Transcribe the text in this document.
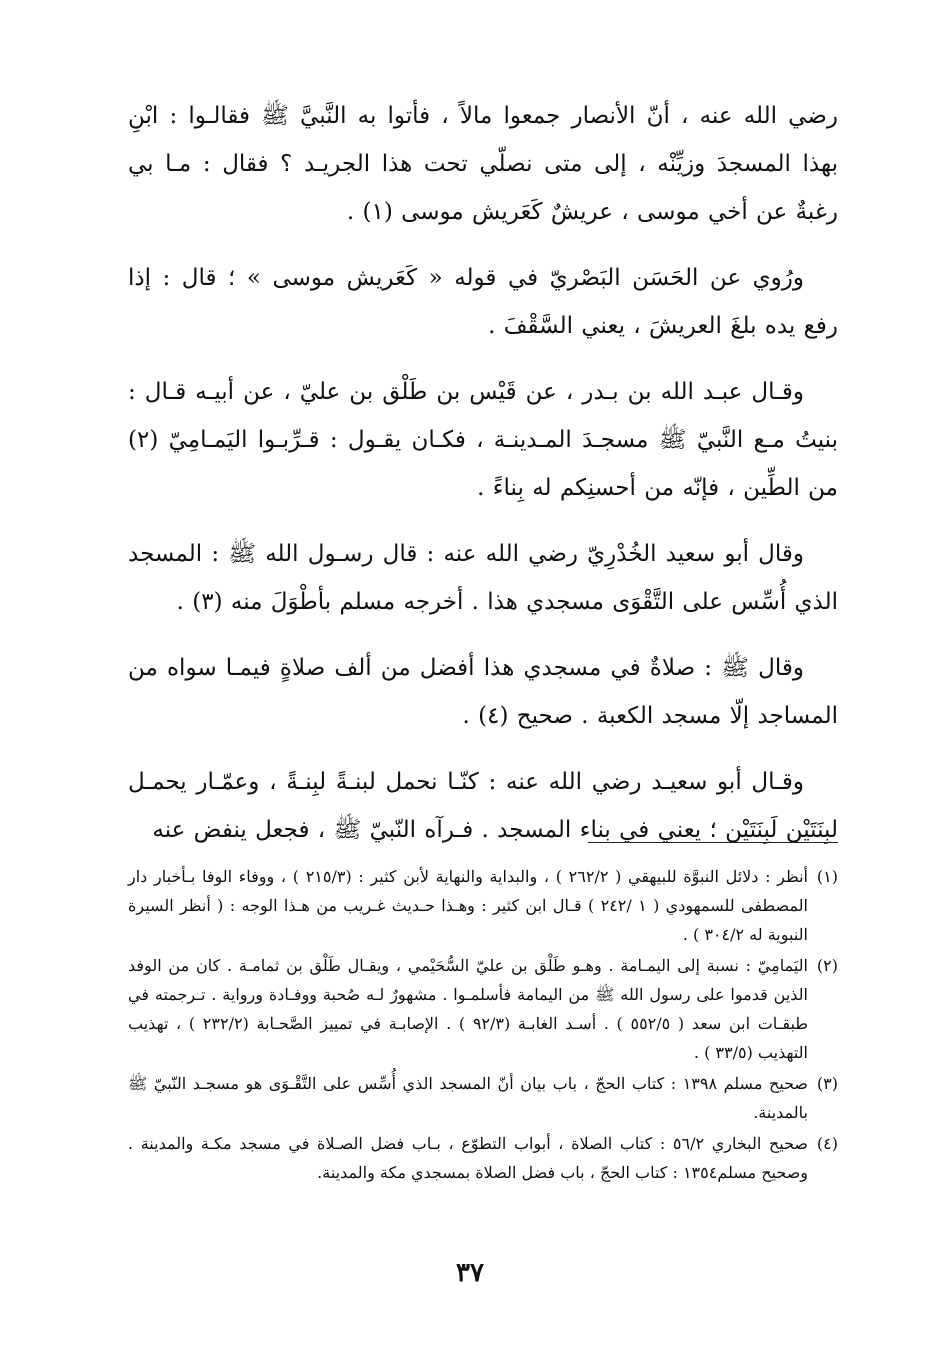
رضي الله عنه ، أنّ الأنصار جمعوا مالاً ، فأتوا به النَّبيَّ ﷺ فقالـوا : ابْنِ بهذا المسجدَ وزيِّنْه ، إلى متى نصلّي تحت هذا الجريـد ؟ فقال : مـا بي رغبةٌ عن أخي موسى ، عريشٌ كَعَريش موسى (١) .

ورُوي عن الحَسَن البَصْريّ في قوله « كَعَريش موسى » ؛ قال : إذا رفع يده بلغَ العريشَ ، يعني السَّقْفَ .

وقـال عبـد الله بن بـدر ، عن قَيْس بن طَلْق بن عليّ ، عن أبيـه قـال : بنيتُ مـع النَّبيّ ﷺ مسجـدَ المـدينـة ، فكـان يقـول : قـرِّبـوا اليَمـامِيّ (٢) من الطِّين ، فإنّه من أحسنِكم له بِناءً .

وقال أبو سعيد الخُدْرِيّ رضي الله عنه : قال رسـول الله ﷺ : المسجد الذي أُسِّس على التَّقْوَى مسجدي هذا . أخرجه مسلم بأطْوَلَ منه (٣) .

وقال ﷺ : صلاةٌ في مسجدي هذا أفضل من ألف صلاةٍ فيمـا سواه من المساجد إلّا مسجد الكعبة . صحيح (٤) .

وقـال أبو سعيـد رضي الله عنه : كنّـا نحمل لبنـةً لبِنـةً ، وعمّـار يحمـل لبِنَتَيْن لَبِنَتَيْن ؛ يعني في بناء المسجد . فـرآه النّبيّ ﷺ ، فجعل ينفض عنه

(١)
أنظر : دلائل النبوَّة للبيهقي ( ٢٦٢/٢ ) ، والبداية والنهاية لأبن كثير : (٢١٥/٣ ) ، ووفاء الوفا بـأخبار دار المصطفى للسمهودي ( ١ /٢٤٢ ) قـال ابن كثير : وهـذا حـديث غـريب من هـذا الوجه : ( أنظر السيرة النبوية له ٣٠٤/٢ ) .
(٢)
اليَمامِيّ : نسبة إلى اليمـامة . وهـو طَلْق بن عليّ السُّحَيْمي ، ويقـال طَلْق بن ثمامـة . كان من الوفد الذين قدموا على رسول الله ﷺ من اليمامة فأسلمـوا . مشهورٌ لـه صُحبة ووفـادة ورواية . تـرجمته في طبقـات ابن سعد ( ٥٥٢/٥ ) . أسـد الغابـة (٩٢/٣ ) . الإصابـة في تمييز الصَّحـابة (٢٣٢/٢ ) ، تهذيب التهذيب (٣٣/٥ ) .
(٣)
صحيح مسلم ١٣٩٨ : كتاب الحجّ ، باب بيان أنّ المسجد الذي أُسِّس على التَّقْـوَى هو مسجـد النّبيّ ﷺ بالمدينة.
(٤)
صحيح البخاري ٥٦/٢ : كتاب الصلاة ، أبواب التطوّع ، بـاب فضل الصـلاة في مسجد مكـة والمدينة . وصحيح مسلم١٣٥٤ : كتاب الحجّ ، باب فضل الصلاة بمسجدي مكة والمدينة.
٣٧
